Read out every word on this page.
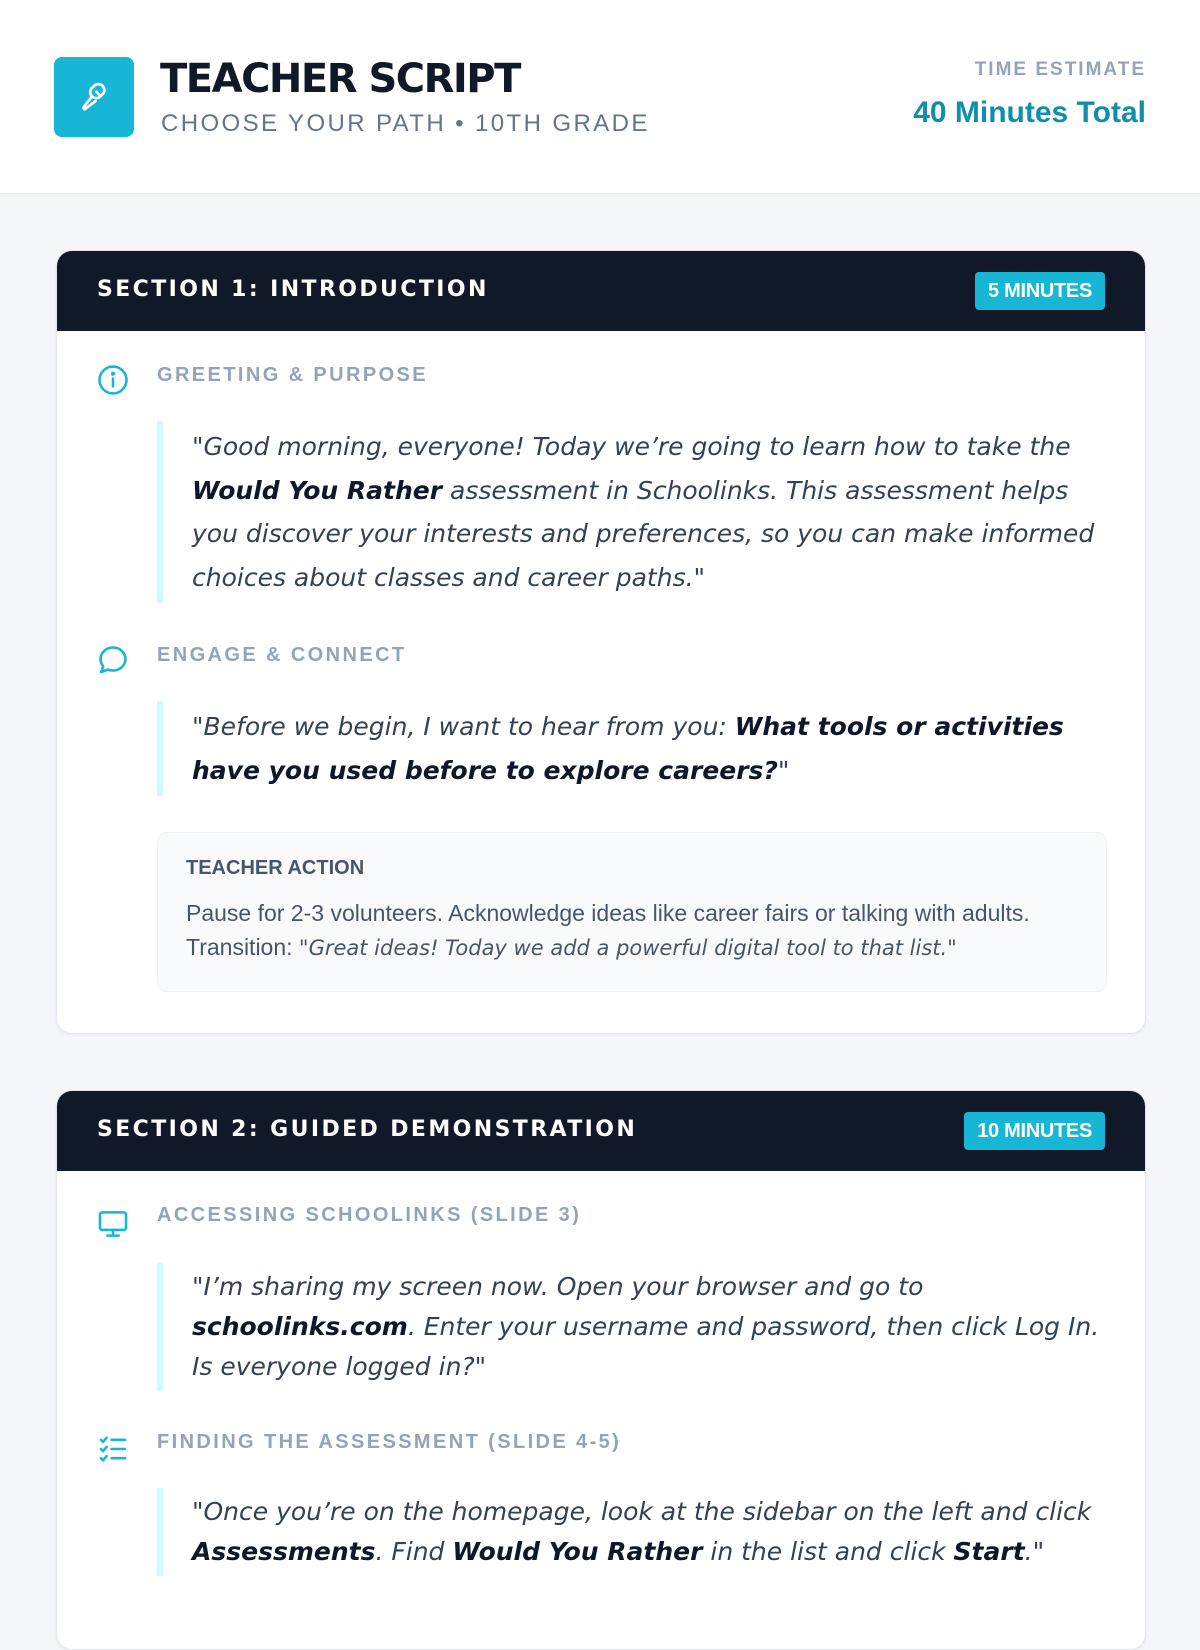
TEACHER SCRIPT
CHOOSE YOUR PATH • 10TH GRADE
TIME ESTIMATE
40 Minutes Total
SECTION 1: INTRODUCTION	5 MINUTES
GREETING & PURPOSE
"Good morning, everyone! Today we’re going to learn how to take the Would You Rather assessment in Schoolinks. This assessment helps you discover your interests and preferences, so you can make informed choices about classes and career paths."
ENGAGE & CONNECT
"Before we begin, I want to hear from you: What tools or activities have you used before to explore careers?"
TEACHER ACTION
Pause for 2-3 volunteers. Acknowledge ideas like career fairs or talking with adults. Transition: "Great ideas! Today we add a powerful digital tool to that list."
SECTION 2: GUIDED DEMONSTRATION	10 MINUTES
ACCESSING SCHOOLINKS (SLIDE 3)
"I’m sharing my screen now. Open your browser and go to schoolinks.com. Enter your username and password, then click Log In. Is everyone logged in?"
FINDING THE ASSESSMENT (SLIDE 4-5)
"Once you’re on the homepage, look at the sidebar on the left and click Assessments. Find Would You Rather in the list and click Start."
